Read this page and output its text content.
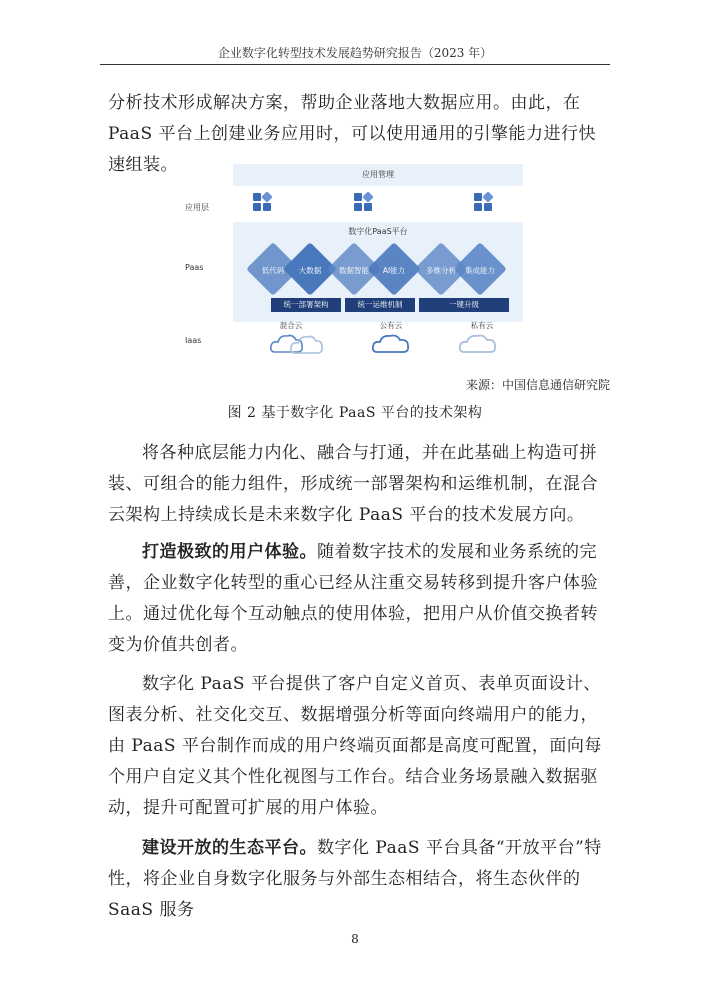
企业数字化转型技术发展趋势研究报告（2023 年）

分析技术形成解决方案，帮助企业落地大数据应用。由此，在 PaaS 平台上创建业务应用时，可以使用通用的引擎能力进行快速组装。	应用管理
应用层
数字化PaaS平台
Paas	低代码	大数据	数据智能	AI能力	多维分析	集成能力
统一部署架构	统一运维机制	一键升级
Iaas
混合云	公有云	私有云
来源：中国信息通信研究院
图 2 基于数字化 PaaS 平台的技术架构

将各种底层能力内化、融合与打通，并在此基础上构造可拼装、可组合的能力组件，形成统一部署架构和运维机制，在混合云架构上持续成长是未来数字化 PaaS 平台的技术发展方向。

打造极致的用户体验。随着数字技术的发展和业务系统的完善，企业数字化转型的重心已经从注重交易转移到提升客户体验上。通过优化每个互动触点的使用体验，把用户从价值交换者转变为价值共创者。

数字化 PaaS 平台提供了客户自定义首页、表单页面设计、图表分析、社交化交互、数据增强分析等面向终端用户的能力，由 PaaS 平台制作而成的用户终端页面都是高度可配置，面向每个用户自定义其个性化视图与工作台。结合业务场景融入数据驱动，提升可配置可扩展的用户体验。

建设开放的生态平台。数字化 PaaS 平台具备“开放平台”特性，将企业自身数字化服务与外部生态相结合，将生态伙伴的 SaaS 服务

8
